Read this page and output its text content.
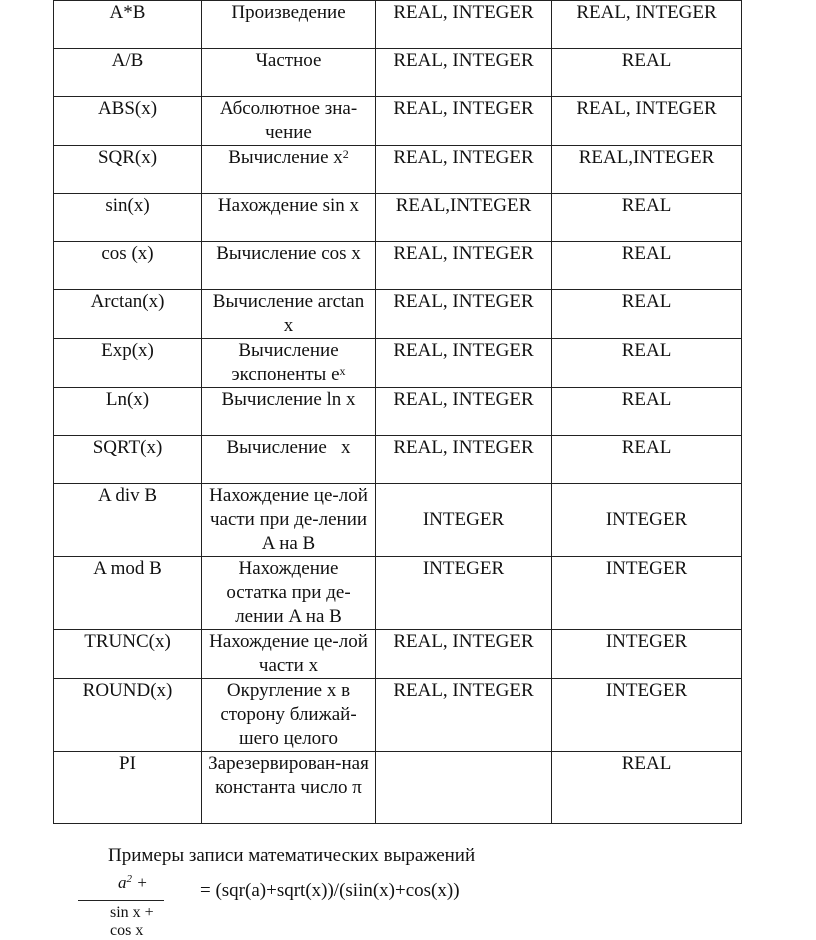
A*B	Произведение	REAL, INTEGER	REAL, INTEGER
A/B	Частное	REAL, INTEGER	REAL
ABS(x)	Абсолютное зна-чение	REAL, INTEGER	REAL, INTEGER
SQR(x)	Вычисление $x^2$	REAL, INTEGER	REAL,INTEGER
sin(x)	Нахождение sin x	REAL,INTEGER	REAL
cos (x)	Вычисление cos x	REAL, INTEGER	REAL
Arctan(x)	Вычисление arctan x	REAL, INTEGER	REAL
Exp(x)	Вычисление экспоненты $e^x$	REAL, INTEGER	REAL
Ln(x)	Вычисление ln x	REAL, INTEGER	REAL
SQRT(x)	Вычисление   x	REAL, INTEGER	REAL
A div B	Нахождение це-лой части при де-лении A на B	INTEGER	INTEGER
A mod B	Нахождение остатка при де-лении A на B	INTEGER	INTEGER
TRUNC(x)	Нахождение це-лой части x	REAL, INTEGER	INTEGER
ROUND(x)	Округление x в сторону ближай-шего целого	REAL, INTEGER	INTEGER
PI	Зарезервирован-ная константа число π		REAL
Примеры записи математических выражений
$a^2$ +
sin x + cos x
= (sqr(a)+sqrt(x))/(siin(x)+cos(x))
